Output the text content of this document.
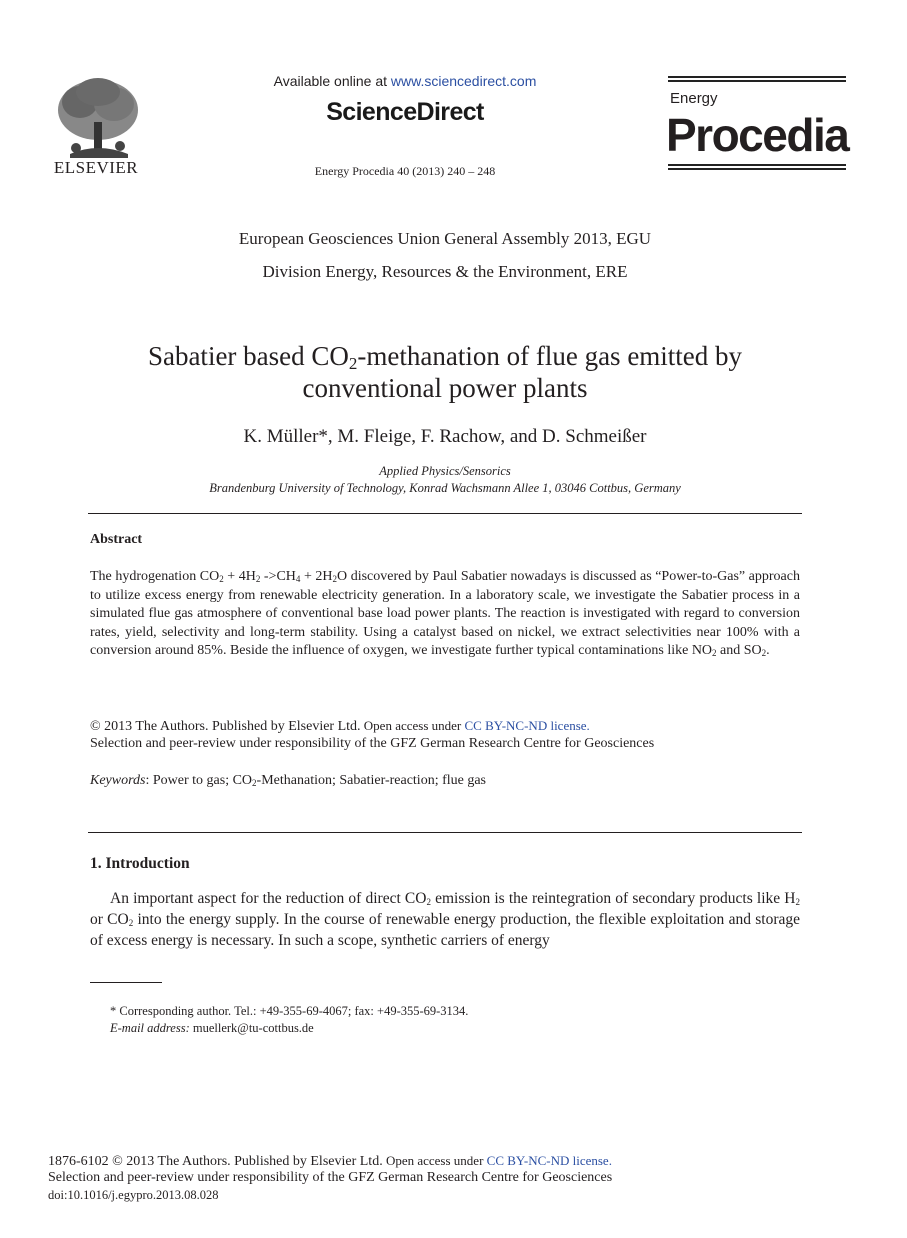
ELSEVIER
Available online at www.sciencedirect.com
ScienceDirect
Energy Procedia 40 (2013) 240 – 248
Energy
Procedia
European Geosciences Union General Assembly 2013, EGU
Division Energy, Resources & the Environment, ERE
Sabatier based $CO_2$-methanation of flue gas emitted by
conventional power plants
K. Müller*, M. Fleige, F. Rachow, and D. Schmeißer
Applied Physics/Sensorics
Brandenburg University of Technology, Konrad Wachsmann Allee 1, 03046 Cottbus, Germany
Abstract
The hydrogenation $CO_2 + 4H_2$ $->CH_4 + 2H_2O$ discovered by Paul Sabatier nowadays is discussed as “Power-to-Gas” approach to utilize excess energy from renewable electricity generation. In a laboratory scale, we investigate the Sabatier process in a simulated flue gas atmosphere of conventional base load power plants. The reaction is investigated with regard to conversion rates, yield, selectivity and long-term stability. Using a catalyst based on nickel, we extract selectivities near 100% with a conversion around 85%. Beside the influence of oxygen, we investigate further typical contaminations like $NO_2$ and $SO_2$.
© 2013 The Authors. Published by Elsevier Ltd. Open access under CC BY-NC-ND license.
Selection and peer-review under responsibility of the GFZ German Research Centre for Geosciences
Keywords: Power to gas; $CO_2$-Methanation; Sabatier-reaction; flue gas
1. Introduction
An important aspect for the reduction of direct $CO_2$ emission is the reintegration of secondary products like $H_2$ or $CO_2$ into the energy supply. In the course of renewable energy production, the flexible exploitation and storage of excess energy is necessary. In such a scope, synthetic carriers of energy
* Corresponding author. Tel.: +49-355-69-4067; fax: +49-355-69-3134.
E-mail address: muellerk@tu-cottbus.de
1876-6102 © 2013 The Authors. Published by Elsevier Ltd. Open access under CC BY-NC-ND license.
Selection and peer-review under responsibility of the GFZ German Research Centre for Geosciences
doi:10.1016/j.egypro.2013.08.028
